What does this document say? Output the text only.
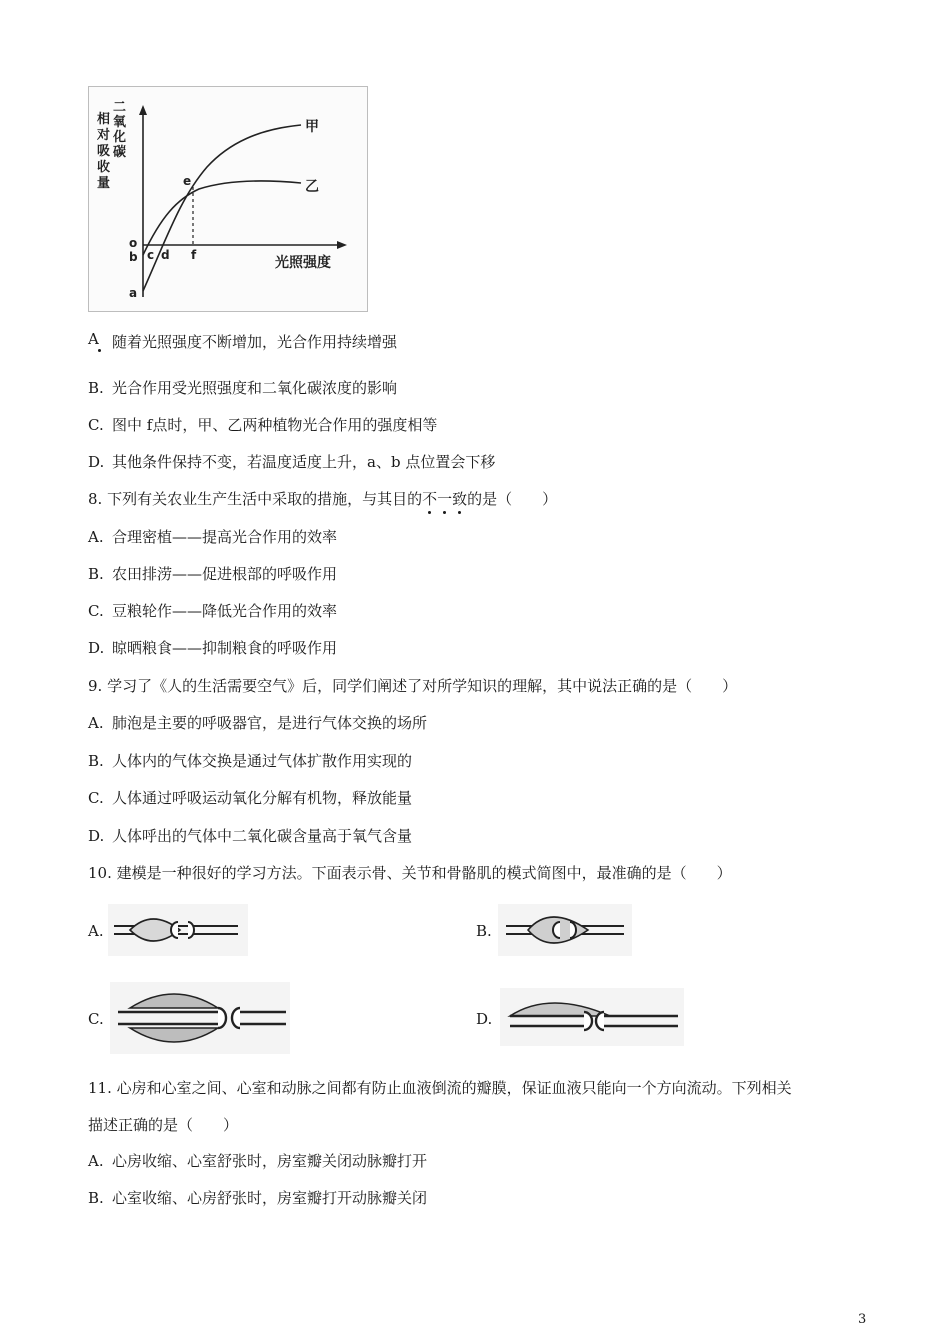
二
氧
化
碳
相
对
吸
收
量
o
b
a
c d f
e
甲
乙
光照强度
A 随着光照强度不断增加，光合作用持续增强
B. 光合作用受光照强度和二氧化碳浓度的影响
C. 图中 f点时，甲、乙两种植物光合作用的强度相等
D. 其他条件保持不变，若温度适度上升，a、b 点位置会下移
8. 下列有关农业生产生活中采取的措施，与其目的不一致的是（　　）
A. 合理密植——提高光合作用的效率
B. 农田排涝——促进根部的呼吸作用
C. 豆粮轮作——降低光合作用的效率
D. 晾晒粮食——抑制粮食的呼吸作用
9. 学习了《人的生活需要空气》后，同学们阐述了对所学知识的理解，其中说法正确的是（　　）
A. 肺泡是主要的呼吸器官，是进行气体交换的场所
B. 人体内的气体交换是通过气体扩散作用实现的
C. 人体通过呼吸运动氧化分解有机物，释放能量
D. 人体呼出的气体中二氧化碳含量高于氧气含量
10. 建模是一种很好的学习方法。下面表示骨、关节和骨骼肌的模式简图中，最准确的是（　　）
A.	B.
C.	D.
11. 心房和心室之间、心室和动脉之间都有防止血液倒流的瓣膜，保证血液只能向一个方向流动。下列相关
描述正确的是（　　）
A. 心房收缩、心室舒张时，房室瓣关闭动脉瓣打开
B. 心室收缩、心房舒张时，房室瓣打开动脉瓣关闭
3
